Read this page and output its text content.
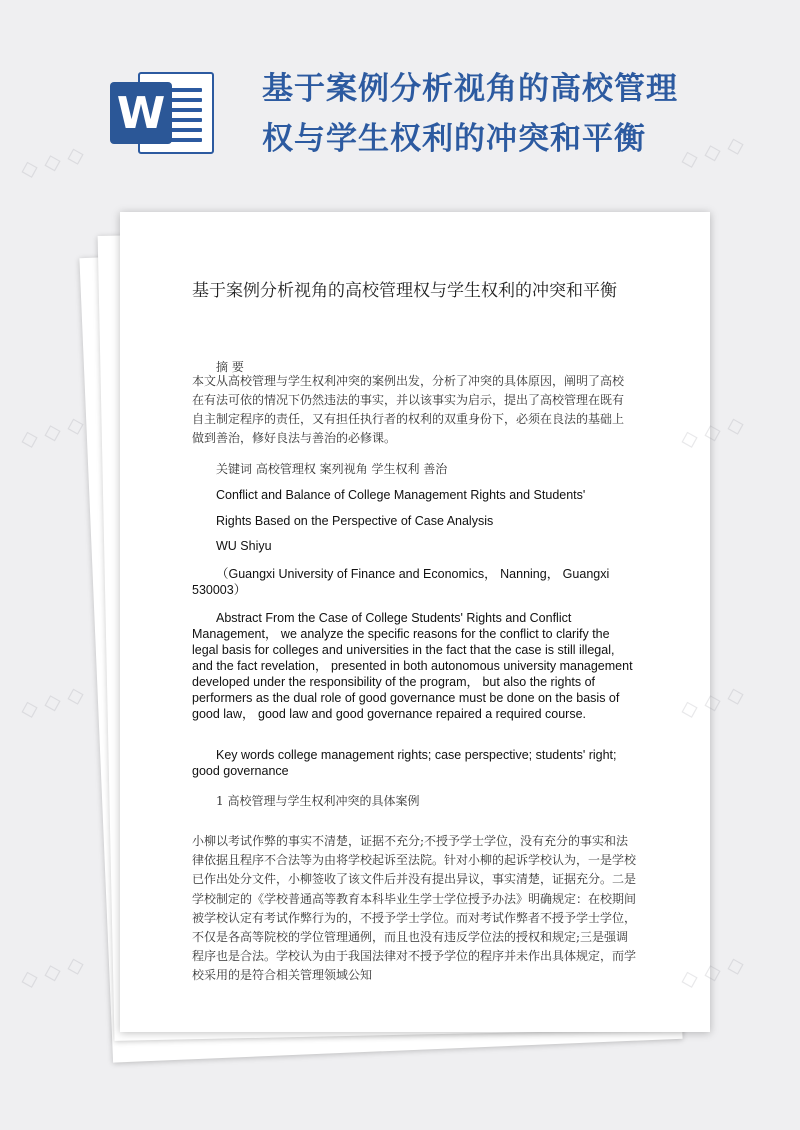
W	基于案例分析视角的高校管理权与学生权利的冲突和平衡
基于案例分析视角的高校管理权与学生权利的冲突和平衡
摘 要
本文从高校管理与学生权利冲突的案例出发，分析了冲突的具体原因，阐明了高校在有法可依的情况下仍然违法的事实，并以该事实为启示，提出了高校管理在既有自主制定程序的责任，又有担任执行者的权利的双重身份下，必须在良法的基础上做到善治，修好良法与善治的必修课。
关键词 高校管理权 案列视角 学生权利 善治
Conflict and Balance of College Management Rights and Students'
Rights Based on the Perspective of Case Analysis
WU Shiyu
（Guangxi University of Finance and Economics， Nanning， Guangxi 530003）
Abstract From the Case of College Students' Rights and Conflict Management， we analyze the specific reasons for the conflict to clarify the legal basis for colleges and universities in the fact that the case is still illegal, and the fact revelation， presented in both autonomous university management developed under the responsibility of the program， but also the rights of performers as the dual role of good governance must be done on the basis of good law， good law and good governance repaired a required course.
Key words college management rights; case perspective; students' right; good governance
1 高校管理与学生权利冲突的具体案例
小柳以考试作弊的事实不清楚，证据不充分;不授予学士学位，没有充分的事实和法律依据且程序不合法等为由将学校起诉至法院。针对小柳的起诉学校认为，一是学校已作出处分文件，小柳签收了该文件后并没有提出异议，事实清楚，证据充分。二是学校制定的《学校普通高等教育本科毕业生学士学位授予办法》明确规定：在校期间被学校认定有考试作弊行为的，不授予学士学位。而对考试作弊者不授予学士学位，不仅是各高等院校的学位管理通例，而且也没有违反学位法的授权和规定;三是强调程序也是合法。学校认为由于我国法律对不授予学位的程序并未作出具体规定，而学校采用的是符合相关管理领域公知
◇ ◇ ◇	◇ ◇ ◇
◇ ◇ ◇	◇ ◇ ◇
◇ ◇ ◇	◇ ◇ ◇
◇ ◇ ◇	◇ ◇ ◇
